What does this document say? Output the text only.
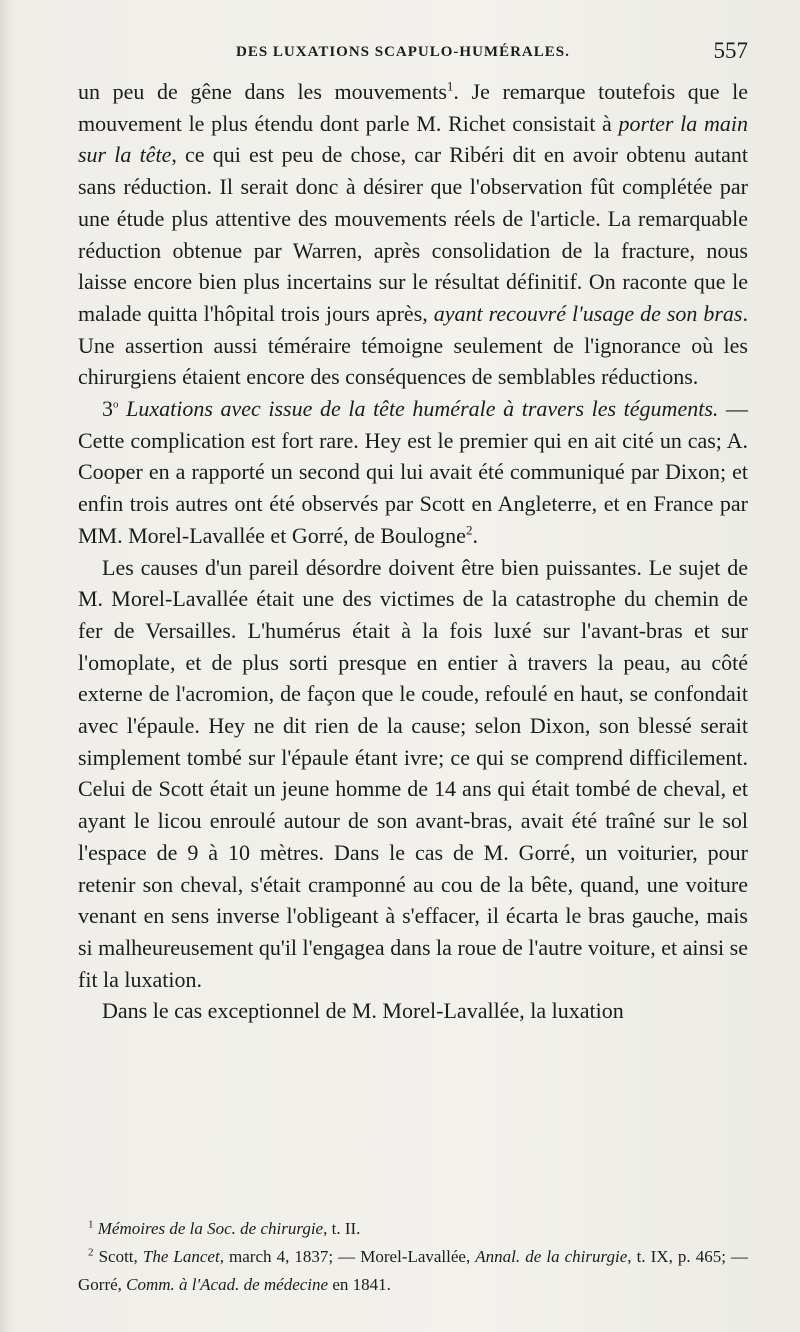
DES LUXATIONS SCAPULO-HUMÉRALES.	557

un peu de gêne dans les mouvements$^1$. Je remarque toutefois que le mouvement le plus étendu dont parle M. Richet consistait à porter la main sur la tête, ce qui est peu de chose, car Ribéri dit en avoir obtenu autant sans réduction. Il serait donc à désirer que l'observation fût complétée par une étude plus attentive des mouvements réels de l'article. La remarquable réduction obtenue par Warren, après consolidation de la fracture, nous laisse encore bien plus incertains sur le résultat définitif. On raconte que le malade quitta l'hôpital trois jours après, ayant recouvré l'usage de son bras. Une assertion aussi téméraire témoigne seulement de l'ignorance où les chirurgiens étaient encore des conséquences de semblables réductions.

3$^o$ Luxations avec issue de la tête humérale à travers les téguments. — Cette complication est fort rare. Hey est le premier qui en ait cité un cas; A. Cooper en a rapporté un second qui lui avait été communiqué par Dixon; et enfin trois autres ont été observés par Scott en Angleterre, et en France par MM. Morel-Lavallée et Gorré, de Boulogne$^2$.

Les causes d'un pareil désordre doivent être bien puissantes. Le sujet de M. Morel-Lavallée était une des victimes de la catastrophe du chemin de fer de Versailles. L'humérus était à la fois luxé sur l'avant-bras et sur l'omoplate, et de plus sorti presque en entier à travers la peau, au côté externe de l'acromion, de façon que le coude, refoulé en haut, se confondait avec l'épaule. Hey ne dit rien de la cause; selon Dixon, son blessé serait simplement tombé sur l'épaule étant ivre; ce qui se comprend difficilement. Celui de Scott était un jeune homme de 14 ans qui était tombé de cheval, et ayant le licou enroulé autour de son avant-bras, avait été traîné sur le sol l'espace de 9 à 10 mètres. Dans le cas de M. Gorré, un voiturier, pour retenir son cheval, s'était cramponné au cou de la bête, quand, une voiture venant en sens inverse l'obligeant à s'effacer, il écarta le bras gauche, mais si malheureusement qu'il l'engagea dans la roue de l'autre voiture, et ainsi se fit la luxation.

Dans le cas exceptionnel de M. Morel-Lavallée, la luxation

$^1$ Mémoires de la Soc. de chirurgie, t. II.

$^2$ Scott, The Lancet, march 4, 1837; — Morel-Lavallée, Annal. de la chirurgie, t. IX, p. 465; — Gorré, Comm. à l'Acad. de médecine en 1841.
